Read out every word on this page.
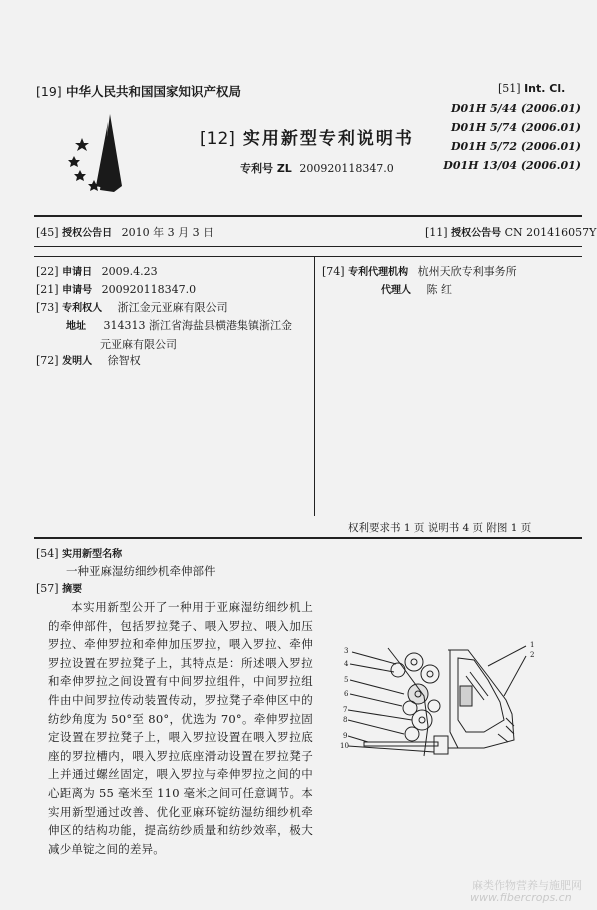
[19] 中华人民共和国国家知识产权局
[12] 实用新型专利说明书
专利号 ZL 200920118347.0
[51] Int. Cl.
D01H 5/44 (2006.01)
D01H 5/74 (2006.01)
D01H 5/72 (2006.01)
D01H 13/04 (2006.01)
[45] 授权公告日 2010 年 3 月 3 日	[11] 授权公告号 CN 201416057Y
[22] 申请日 2009.4.23
[21] 申请号 200920118347.0
[73] 专利权人 浙江金元亚麻有限公司
地址 314313 浙江省海盐县横港集镇浙江金
元亚麻有限公司
[72] 发明人 徐智权
[74] 专利代理机构 杭州天欣专利事务所
代理人 陈 红
权利要求书 1 页 说明书 4 页 附图 1 页
[54] 实用新型名称
一种亚麻湿纺细纱机牵伸部件
[57] 摘要

本实用新型公开了一种用于亚麻湿纺细纱机上的牵伸部件，包括罗拉凳子、喂入罗拉、喂入加压罗拉、牵伸罗拉和牵伸加压罗拉，喂入罗拉、牵伸罗拉设置在罗拉凳子上，其特点是：所述喂入罗拉和牵伸罗拉之间设置有中间罗拉组件，中间罗拉组件由中间罗拉传动装置传动，罗拉凳子牵伸区中的纺纱角度为 50°至 80°，优选为 70°。牵伸罗拉固定设置在罗拉凳子上，喂入罗拉设置在喂入罗拉底座的罗拉槽内，喂入罗拉底座滑动设置在罗拉凳子上并通过螺丝固定，喂入罗拉与牵伸罗拉之间的中心距离为 55 毫米至 110 毫米之间可任意调节。本实用新型通过改善、优化亚麻环锭纺湿纺细纱机牵伸区的结构功能，提高纺纱质量和纺纱效率，极大减少单锭之间的差异。

1
2
3
4
5
6
7
8
9
10
麻类作物营养与施肥网
www.fibercrops.cn
